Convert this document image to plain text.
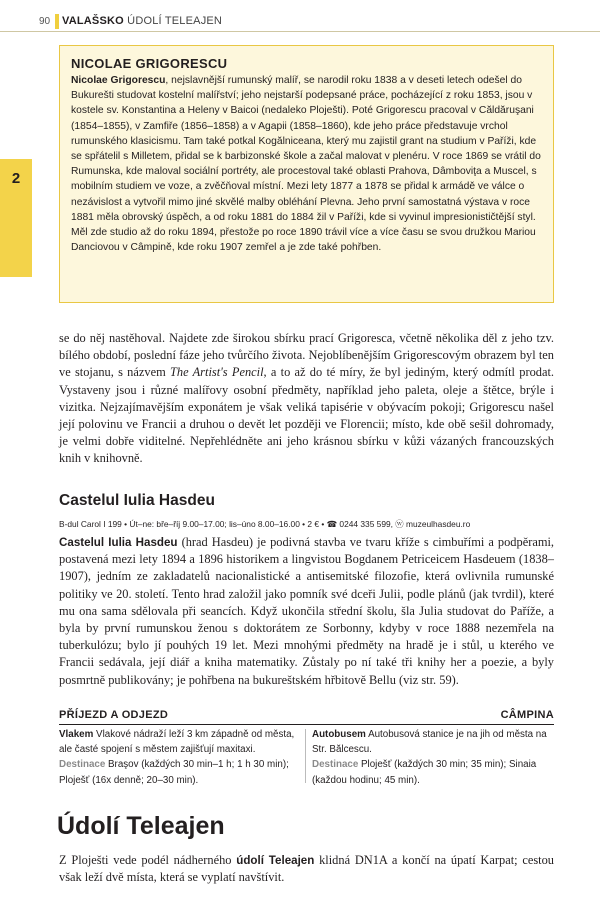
90 VALAŠSKO ÚDOLÍ TELEAJEN
2
NICOLAE GRIGORESCU
Nicolae Grigorescu, nejslavnější rumunský malíř, se narodil roku 1838 a v deseti letech odešel do Bukurešti studovat kostelní malířství; jeho nejstarší podepsané práce, pocházející z roku 1853, jsou v kostele sv. Konstantina a Heleny v Baicoi (nedaleko Ploješti). Poté Grigorescu pracoval v Căldăruşani (1854–1855), v Zamfiře (1856–1858) a v Agapii (1858–1860), kde jeho práce představuje vrchol rumunského klasicismu. Tam také potkal Kogălniceana, který mu zajistil grant na studium v Paříži, kde se spřátelil s Milletem, přidal se k barbizonské škole a začal malovat v plenéru. V roce 1869 se vrátil do Rumunska, kde maloval sociální portréty, ale procestoval také oblasti Prahova, Dâmboviţa a Muscel, s mobilním studiem ve voze, a zvěčňoval místní. Mezi lety 1877 a 1878 se přidal k armádě ve válce o nezávislost a vytvořil mimo jiné skvělé malby obléhání Plevna. Jeho první samostatná výstava v roce 1881 měla obrovský úspěch, a od roku 1881 do 1884 žil v Paříži, kde si vyvinul impresionističtější styl. Měl zde studio až do roku 1894, přestože po roce 1890 trávil více a více času se svou družkou Mariou Danciovou v Câmpině, kde roku 1907 zemřel a je zde také pohřben.
se do něj nastěhoval. Najdete zde širokou sbírku prací Grigoresca, včetně několika děl z jeho tzv. bílého období, poslední fáze jeho tvůrčího života. Nejoblíbenějším Grigorescovým obrazem byl ten ve stojanu, s názvem The Artist's Pencil, a to až do té míry, že byl jediným, který odmítl prodat. Vystaveny jsou i různé malířovy osobní předměty, například jeho paleta, oleje a štětce, brýle i vizitka. Nejzajímavějším exponátem je však veliká tapisérie v obývacím pokoji; Grigorescu našel její polovinu ve Francii a druhou o devět let později ve Florencii; místo, kde obě sešil dohromady, je velmi dobře viditelné. Nepřehlédněte ani jeho krásnou sbírku v kůži vázaných francouzských knih v knihovně.
Castelul Iulia Hasdeu
B-dul Carol I 199 • Út–ne: bře–říj 9.00–17.00; lis–úno 8.00–16.00 • 2 € • ☎ 0244 335 599, ⓦ muzeulhasdeu.ro
Castelul Iulia Hasdeu (hrad Hasdeu) je podivná stavba ve tvaru kříže s cimbuřími a podpěrami, postavená mezi lety 1894 a 1896 historikem a lingvistou Bogdanem Petriceicem Hasdeuem (1838–1907), jedním ze zakladatelů nacionalistické a antisemitské filozofie, která ovlivnila rumunské politiky ve 20. století. Tento hrad založil jako pomník své dceři Julii, podle plánů (jak tvrdil), které mu ona sama sdělovala při seancích. Když ukončila střední školu, šla Julia studovat do Paříže, a byla by první rumunskou ženou s doktorátem ze Sorbonny, kdyby v roce 1888 nezemřela na tuberkulózu; bylo jí pouhých 19 let. Mezi mnohými předměty na hradě je i stůl, u kterého ve Francii sedávala, její diář a kniha matematiky. Zůstaly po ní také tři knihy her a poezie, a byly posmrtně publikovány; je pohřbena na bukureštském hřbitově Bellu (viz str. 59).
PŘÍJEZD A ODJEZD	CÂMPINA
Vlakem Vlakové nádraží leží 3 km západně od města, ale časté spojení s městem zajišťují maxitaxi.
Destinace Braşov (každých 30 min–1 h; 1 h 30 min); Ploješť (16x denně; 20–30 min).
Autobusem Autobusová stanice je na jih od města na Str. Bălcescu.
Destinace Ploješť (každých 30 min; 35 min); Sinaia (každou hodinu; 45 min).
Údolí Teleajen
Z Ploješti vede podél nádherného údolí Teleajen klidná DN1A a končí na úpatí Karpat; cestou však leží dvě místa, která se vyplatí navštívit.
